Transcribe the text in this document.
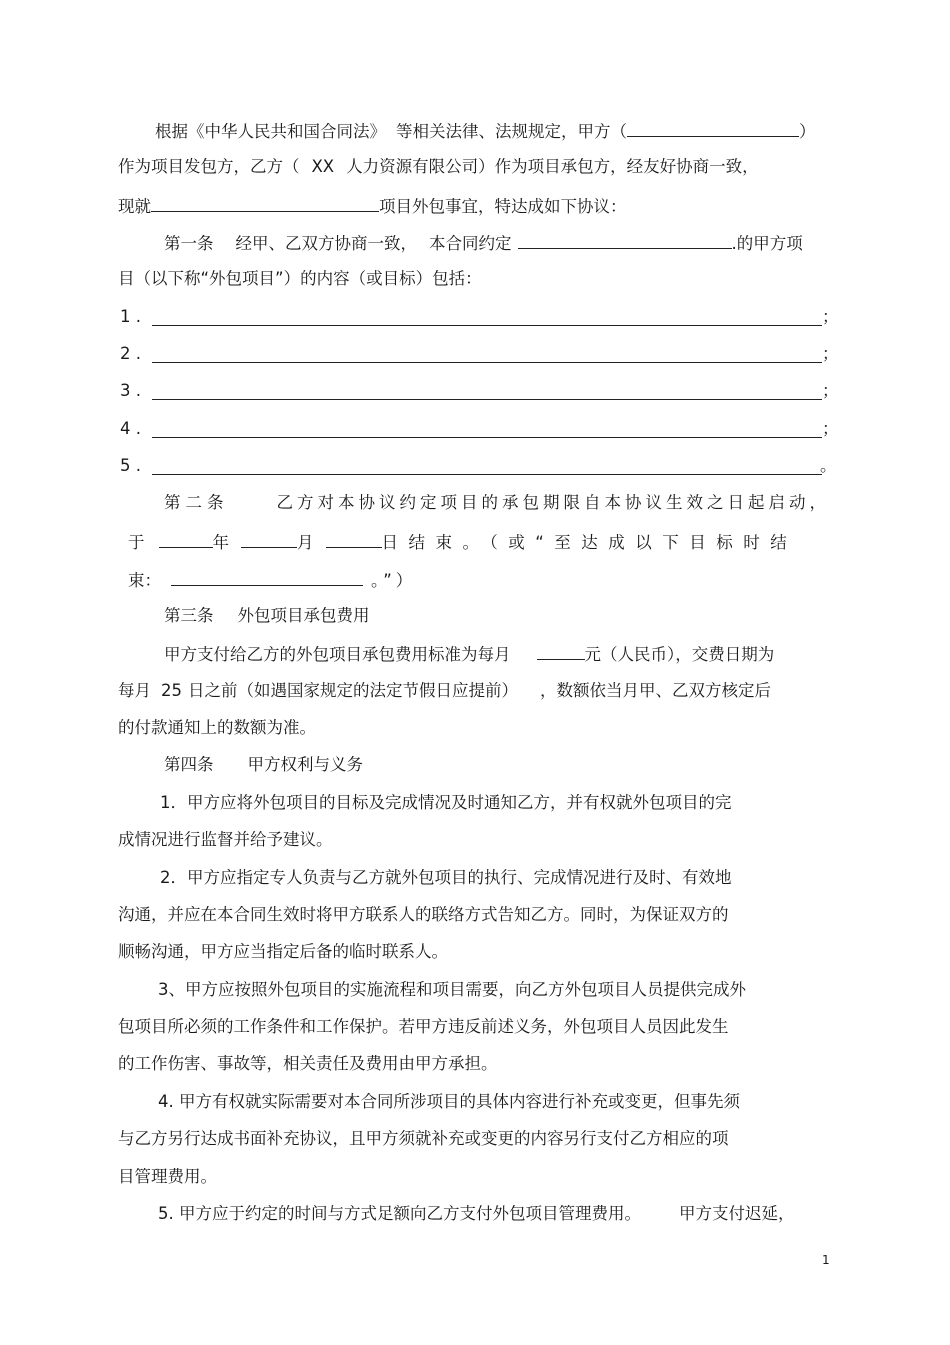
根据《中华人民共和国合同法》 等相关法律、法规规定，甲方（	）
作为项目发包方，乙方（ XX 人力资源有限公司）作为项目承包方，经友好协商一致，
现就	项目外包事宜，特达成如下协议：
第一条 经甲、乙双方协商一致， 本合同约定	.的甲方项
目（以下称“外包项目”）的内容（或目标）包括：
1 .	；
2 .	；
3 .	；
4 .	；
5 .	。
第二条	乙方对本协议约定项目的承包期限自本协议生效之日起启动，
于	年	月	日结束。（或“至达成以下目标时结
束：	。”）
第三条 外包项目承包费用
甲方支付给乙方的外包项目承包费用标准为每月	元（人民币），交费日期为
每月 25 日之前（如遇国家规定的法定节假日应提前） ，数额依当月甲、乙双方核定后
的付款通知上的数额为准。
第四条 甲方权利与义务
1．甲方应将外包项目的目标及完成情况及时通知乙方，并有权就外包项目的完
成情况进行监督并给予建议。
2．甲方应指定专人负责与乙方就外包项目的执行、完成情况进行及时、有效地
沟通，并应在本合同生效时将甲方联系人的联络方式告知乙方。同时，为保证双方的
顺畅沟通，甲方应当指定后备的临时联系人。
3、甲方应按照外包项目的实施流程和项目需要，向乙方外包项目人员提供完成外
包项目所必须的工作条件和工作保护。若甲方违反前述义务，外包项目人员因此发生
的工作伤害、事故等，相关责任及费用由甲方承担。
4. 甲方有权就实际需要对本合同所涉项目的具体内容进行补充或变更，但事先须
与乙方另行达成书面补充协议，且甲方须就补充或变更的内容另行支付乙方相应的项
目管理费用。
5. 甲方应于约定的时间与方式足额向乙方支付外包项目管理费用。 甲方支付迟延，
1
